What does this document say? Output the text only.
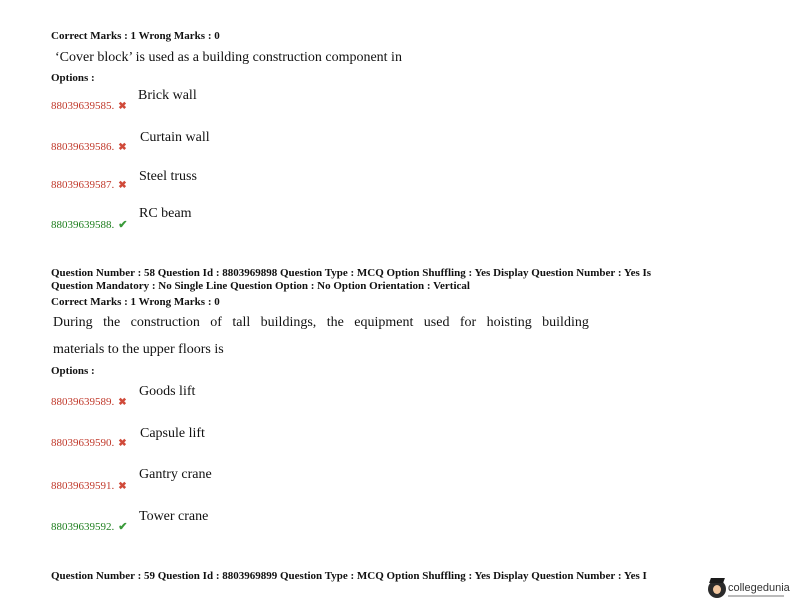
Correct Marks : 1 Wrong Marks : 0
‘Cover block’ is used as a building construction component in
Options :
88039639585. ✖
Brick wall
88039639586. ✖
Curtain wall
88039639587. ✖
Steel truss
88039639588. ✔
RC beam
Question Number : 58 Question Id : 8803969898 Question Type : MCQ Option Shuffling : Yes Display Question Number : Yes Is
Question Mandatory : No Single Line Question Option : No Option Orientation : Vertical
Correct Marks : 1 Wrong Marks : 0
During the construction of tall buildings, the equipment used for hoisting building
materials to the upper floors is
Options :
88039639589. ✖
Goods lift
88039639590. ✖
Capsule lift
88039639591. ✖
Gantry crane
88039639592. ✔
Tower crane
Question Number : 59 Question Id : 8803969899 Question Type : MCQ Option Shuffling : Yes Display Question Number : Yes I
collegedunia
